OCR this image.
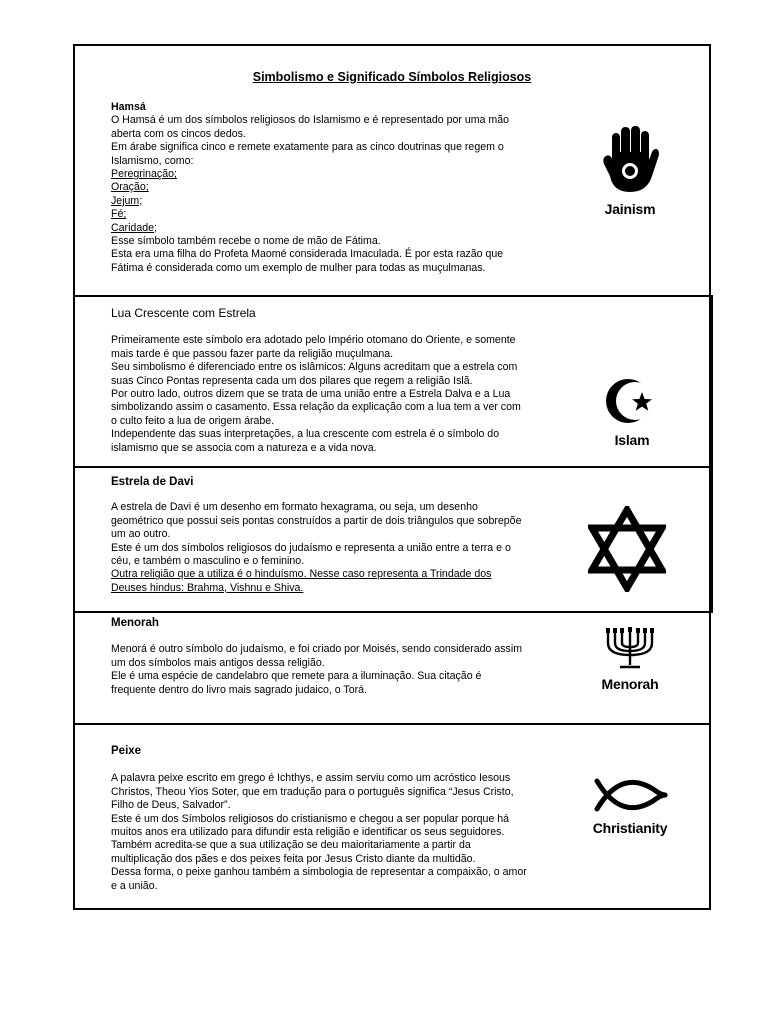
Simbolismo e Significado Símbolos Religiosos

Hamsá

O Hamsá é um dos símbolos religiosos do Islamismo e é representado por uma mão

aberta com os cincos dedos.

Em árabe significa cinco e remete exatamente para as cinco doutrinas que regem o

Islamismo, como:

Peregrinação;

Oração;

Jejum;

Fé;

Caridade;

Esse símbolo também recebe o nome de mão de Fátima.

Esta era uma filha do Profeta Maomé considerada Imaculada. É por esta razão que

Fátima é considerada como um exemplo de mulher para todas as muçulmanas.

Jainism

Lua Crescente com Estrela

Primeiramente este símbolo era adotado pelo Império otomano do Oriente, e somente

mais tarde é que passou fazer parte da religião muçulmana.

Seu simbolismo é diferenciado entre os islâmicos: Alguns acreditam que a estrela com

suas Cinco Pontas representa cada um dos pilares que regem a religião Islã.

Por outro lado, outros dizem que se trata de uma união entre a Estrela Dalva e a Lua

simbolizando assim o casamento. Essa relação da explicação com a lua tem a ver com

o culto feito a lua de origem árabe.

Independente das suas interpretações, a lua crescente com estrela é o símbolo do

islamismo que se associa com a natureza e a vida nova.	Islam

Estrela de Davi

A estrela de Davi é um desenho em formato hexagrama, ou seja, um desenho

geométrico que possui seis pontas construídos a partir de dois triângulos que sobrepõe

um ao outro.

Este é um dos símbolos religiosos do judaísmo e representa a união entre a terra e o

céu, e também o masculino e o feminino.

Outra religião que a utiliza é o hinduísmo. Nesse caso representa a Trindade dos

Deuses hindus: Brahma, Vishnu e Shiva.

Menorah

Menorá é outro símbolo do judaísmo, e foi criado por Moisés, sendo considerado assim

um dos símbolos mais antigos dessa religião.

Ele é uma espécie de candelabro que remete para a iluminação. Sua citação é

frequente dentro do livro mais sagrado judaico, o Torá.	Menorah

Peixe

A palavra peixe escrito em grego é Ichthys, e assim serviu como um acróstico Iesous

Christos, Theou Yios Soter, que em tradução para o português significa “Jesus Cristo,

Filho de Deus, Salvador”.

Este é um dos Símbolos religiosos do cristianismo e chegou a ser popular porque há

muitos anos era utilizado para difundir esta religião e identificar os seus seguidores.

Também acredita-se que a sua utilização se deu maioritariamente a partir da

multiplicação dos pães e dos peixes feita por Jesus Cristo diante da multidão.

Dessa forma, o peixe ganhou também a simbologia de representar a compaixão, o amor

e a união.

Christianity
